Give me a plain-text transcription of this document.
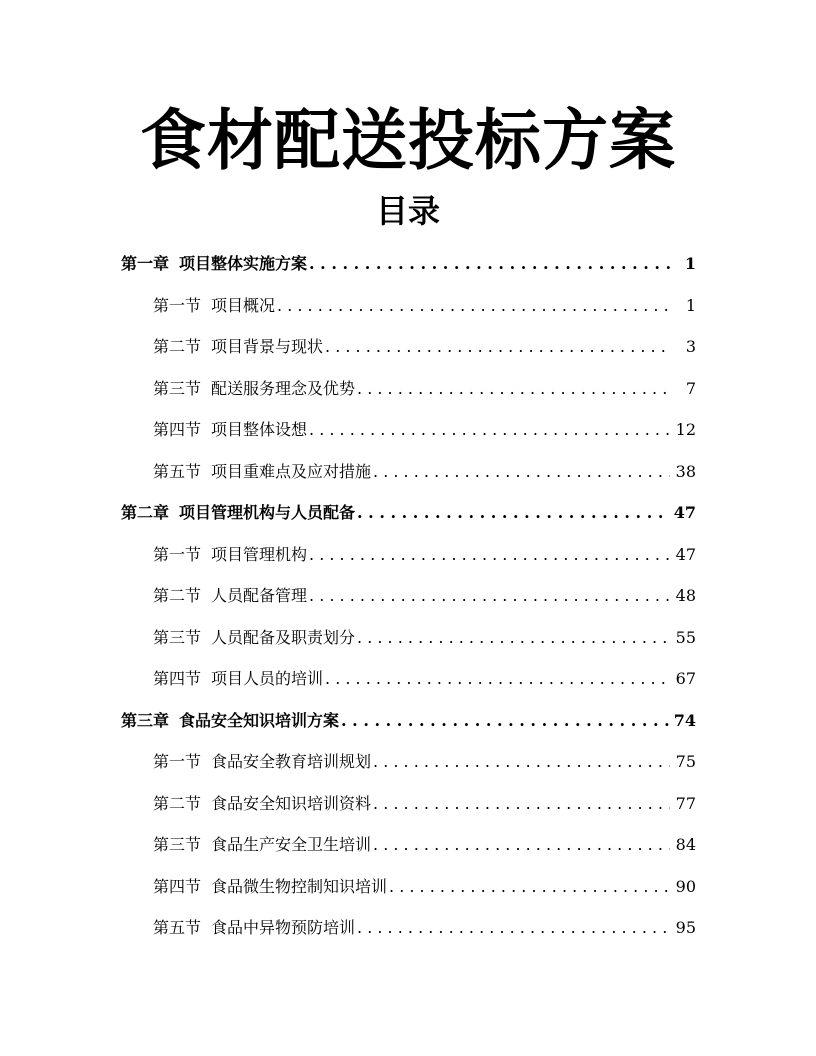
食材配送投标方案
目录
第一章 项目整体实施方案 . . .	1
第一节 项目概况 . . .	1
第二节 项目背景与现状 . . .	3
第三节 配送服务理念及优势 . . .	7
第四节 项目整体设想 . . .	12
第五节 项目重难点及应对措施 . . .	38
第二章 项目管理机构与人员配备 . . .	47
第一节 项目管理机构 . . .	47
第二节 人员配备管理 . . .	48
第三节 人员配备及职责划分 . . .	55
第四节 项目人员的培训 . . .	67
第三章 食品安全知识培训方案 . . .	74
第一节 食品安全教育培训规划 . . .	75
第二节 食品安全知识培训资料 . . .	77
第三节 食品生产安全卫生培训 . . .	84
第四节 食品微生物控制知识培训 . . .	90
第五节 食品中异物预防培训 . . .	95
